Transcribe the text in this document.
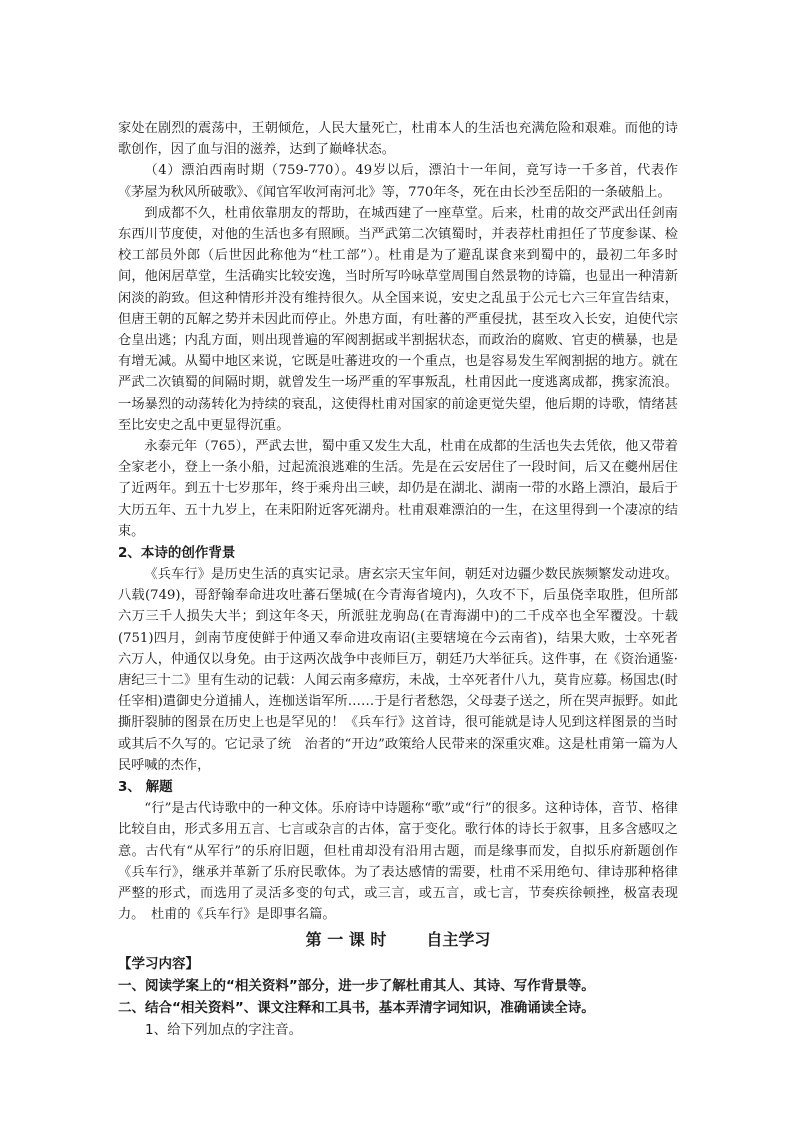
家处在剧烈的震荡中，王朝倾危，人民大量死亡，杜甫本人的生活也充满危险和艰难。而他的诗歌创作，因了血与泪的滋养，达到了巅峰状态。

（4）漂泊西南时期（759-770）。49岁以后，漂泊十一年间，竟写诗一千多首，代表作《茅屋为秋风所破歌》、《闻官军收河南河北》等，770年冬，死在由长沙至岳阳的一条破船上。

到成都不久，杜甫依靠朋友的帮助，在城西建了一座草堂。后来，杜甫的故交严武出任剑南东西川节度使，对他的生活也多有照顾。当严武第二次镇蜀时，并表荐杜甫担任了节度参谋、检校工部员外郎（后世因此称他为“杜工部”）。杜甫是为了避乱谋食来到蜀中的，最初二年多时间，他闲居草堂，生活确实比较安逸，当时所写吟咏草堂周围自然景物的诗篇，也显出一种清新闲淡的韵致。但这种情形并没有维持很久。从全国来说，安史之乱虽于公元七六三年宣告结束，但唐王朝的瓦解之势并未因此而停止。外患方面，有吐蕃的严重侵扰，甚至攻入长安，迫使代宗仓皇出逃；内乱方面，则出现普遍的军阀割据或半割据状态，而政治的腐败、官吏的横暴，也是有增无减。从蜀中地区来说，它既是吐蕃进攻的一个重点，也是容易发生军阀割据的地方。就在严武二次镇蜀的间隔时期，就曾发生一场严重的军事叛乱，杜甫因此一度逃离成都，携家流浪。一场暴烈的动荡转化为持续的衰乱，这使得杜甫对国家的前途更觉失望，他后期的诗歌，情绪甚至比安史之乱中更显得沉重。

永泰元年（765），严武去世，蜀中重又发生大乱，杜甫在成都的生活也失去凭依，他又带着全家老小，登上一条小船，过起流浪逃难的生活。先是在云安居住了一段时间，后又在夔州居住了近两年。到五十七岁那年，终于乘舟出三峡，却仍是在湖北、湖南一带的水路上漂泊，最后于大历五年、五十九岁上，在耒阳附近客死湖舟。杜甫艰难漂泊的一生，在这里得到一个凄凉的结束。

2、本诗的创作背景

《兵车行》是历史生活的真实记录。唐玄宗天宝年间，朝廷对边疆少数民族频繁发动进攻。八载(749)，哥舒翰奉命进攻吐蕃石堡城(在今青海省境内)，久攻不下，后虽侥幸取胜，但所部六万三千人损失大半；到这年冬天，所派驻龙驹岛(在青海湖中)的二千戍卒也全军覆没。十载(751)四月，剑南节度使鲜于仲通又奉命进攻南诏(主要辖境在今云南省)，结果大败，士卒死者六万人，仲通仅以身免。由于这两次战争中丧师巨万，朝廷乃大举征兵。这件事，在《资治通鉴·唐纪三十二》里有生动的记载：人闻云南多瘴疠，未战，士卒死者什八九，莫肯应募。杨国忠(时任宰相)遣御史分道捕人，连枷送诣军所……于是行者愁怨，父母妻子送之，所在哭声振野。如此撕肝裂肺的图景在历史上也是罕见的！《兵车行》这首诗，很可能就是诗人见到这样图景的当时或其后不久写的。它记录了统　治者的“开边”政策给人民带来的深重灾难。这是杜甫第一篇为人民呼喊的杰作，

3、 解题

“行”是古代诗歌中的一种文体。乐府诗中诗题称“歌”或“行”的很多。这种诗体，音节、格律比较自由，形式多用五言、七言或杂言的古体，富于变化。歌行体的诗长于叙事，且多含感叹之意。古代有“从军行”的乐府旧题，但杜甫却没有沿用古题，而是缘事而发，自拟乐府新题创作《兵车行》，继承并革新了乐府民歌体。为了表达感情的需要，杜甫不采用绝句、律诗那种格律严整的形式，而选用了灵活多变的句式，或三言，或五言，或七言，节奏疾徐顿挫，极富表现力。　杜甫的《兵车行》是即事名篇。

第 一 课 时	自主学习
【学习内容】
一、阅读学案上的“相关资料”部分，进一步了解杜甫其人、其诗、写作背景等。
二、结合“相关资料”、课文注释和工具书，基本弄清字词知识，准确诵读全诗。
1、给下列加点的字注音。
